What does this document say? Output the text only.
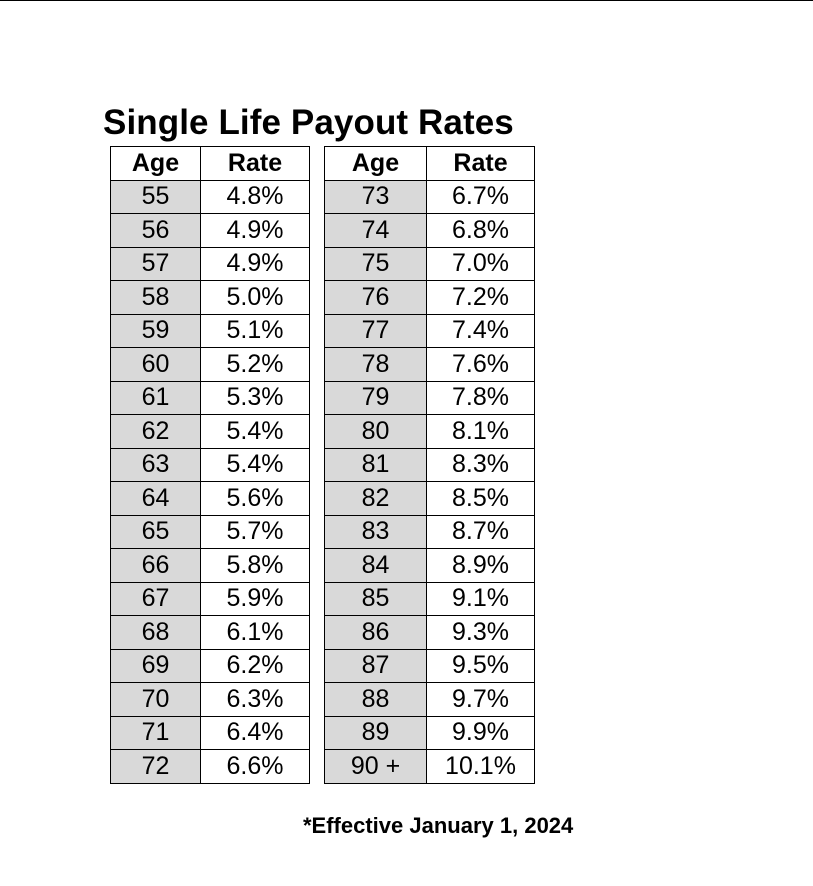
Single Life Payout Rates
Age	Rate
55	4.8%
56	4.9%
57	4.9%
58	5.0%
59	5.1%
60	5.2%
61	5.3%
62	5.4%
63	5.4%
64	5.6%
65	5.7%
66	5.8%
67	5.9%
68	6.1%
69	6.2%
70	6.3%
71	6.4%
72	6.6%
Age	Rate
73	6.7%
74	6.8%
75	7.0%
76	7.2%
77	7.4%
78	7.6%
79	7.8%
80	8.1%
81	8.3%
82	8.5%
83	8.7%
84	8.9%
85	9.1%
86	9.3%
87	9.5%
88	9.7%
89	9.9%
90 +	10.1%
*Effective January 1, 2024
